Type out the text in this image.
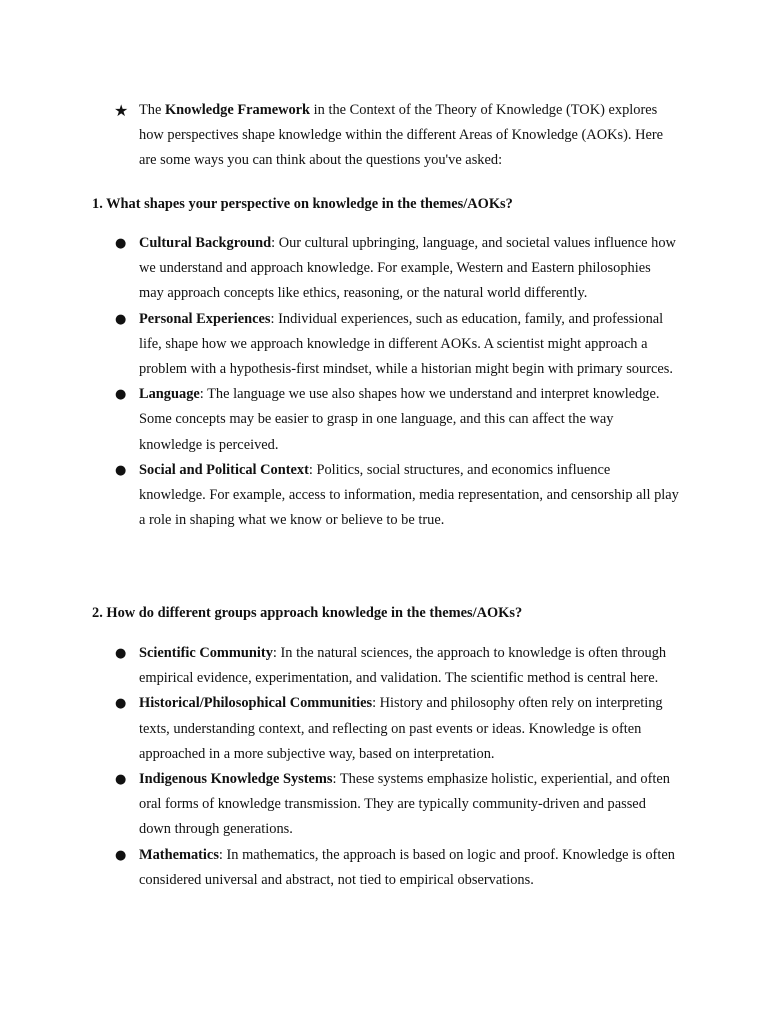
★ The Knowledge Framework in the Context of the Theory of Knowledge (TOK) explores how perspectives shape knowledge within the different Areas of Knowledge (AOKs). Here are some ways you can think about the questions you've asked:
1. What shapes your perspective on knowledge in the themes/AOKs?
● Cultural Background: Our cultural upbringing, language, and societal values influence how we understand and approach knowledge. For example, Western and Eastern philosophies may approach concepts like ethics, reasoning, or the natural world differently.
● Personal Experiences: Individual experiences, such as education, family, and professional life, shape how we approach knowledge in different AOKs. A scientist might approach a problem with a hypothesis-first mindset, while a historian might begin with primary sources.
● Language: The language we use also shapes how we understand and interpret knowledge. Some concepts may be easier to grasp in one language, and this can affect the way knowledge is perceived.
● Social and Political Context: Politics, social structures, and economics influence knowledge. For example, access to information, media representation, and censorship all play a role in shaping what we know or believe to be true.
2. How do different groups approach knowledge in the themes/AOKs?
● Scientific Community: In the natural sciences, the approach to knowledge is often through empirical evidence, experimentation, and validation. The scientific method is central here.
● Historical/Philosophical Communities: History and philosophy often rely on interpreting texts, understanding context, and reflecting on past events or ideas. Knowledge is often approached in a more subjective way, based on interpretation.
● Indigenous Knowledge Systems: These systems emphasize holistic, experiential, and often oral forms of knowledge transmission. They are typically community-driven and passed down through generations.
● Mathematics: In mathematics, the approach is based on logic and proof. Knowledge is often considered universal and abstract, not tied to empirical observations.
